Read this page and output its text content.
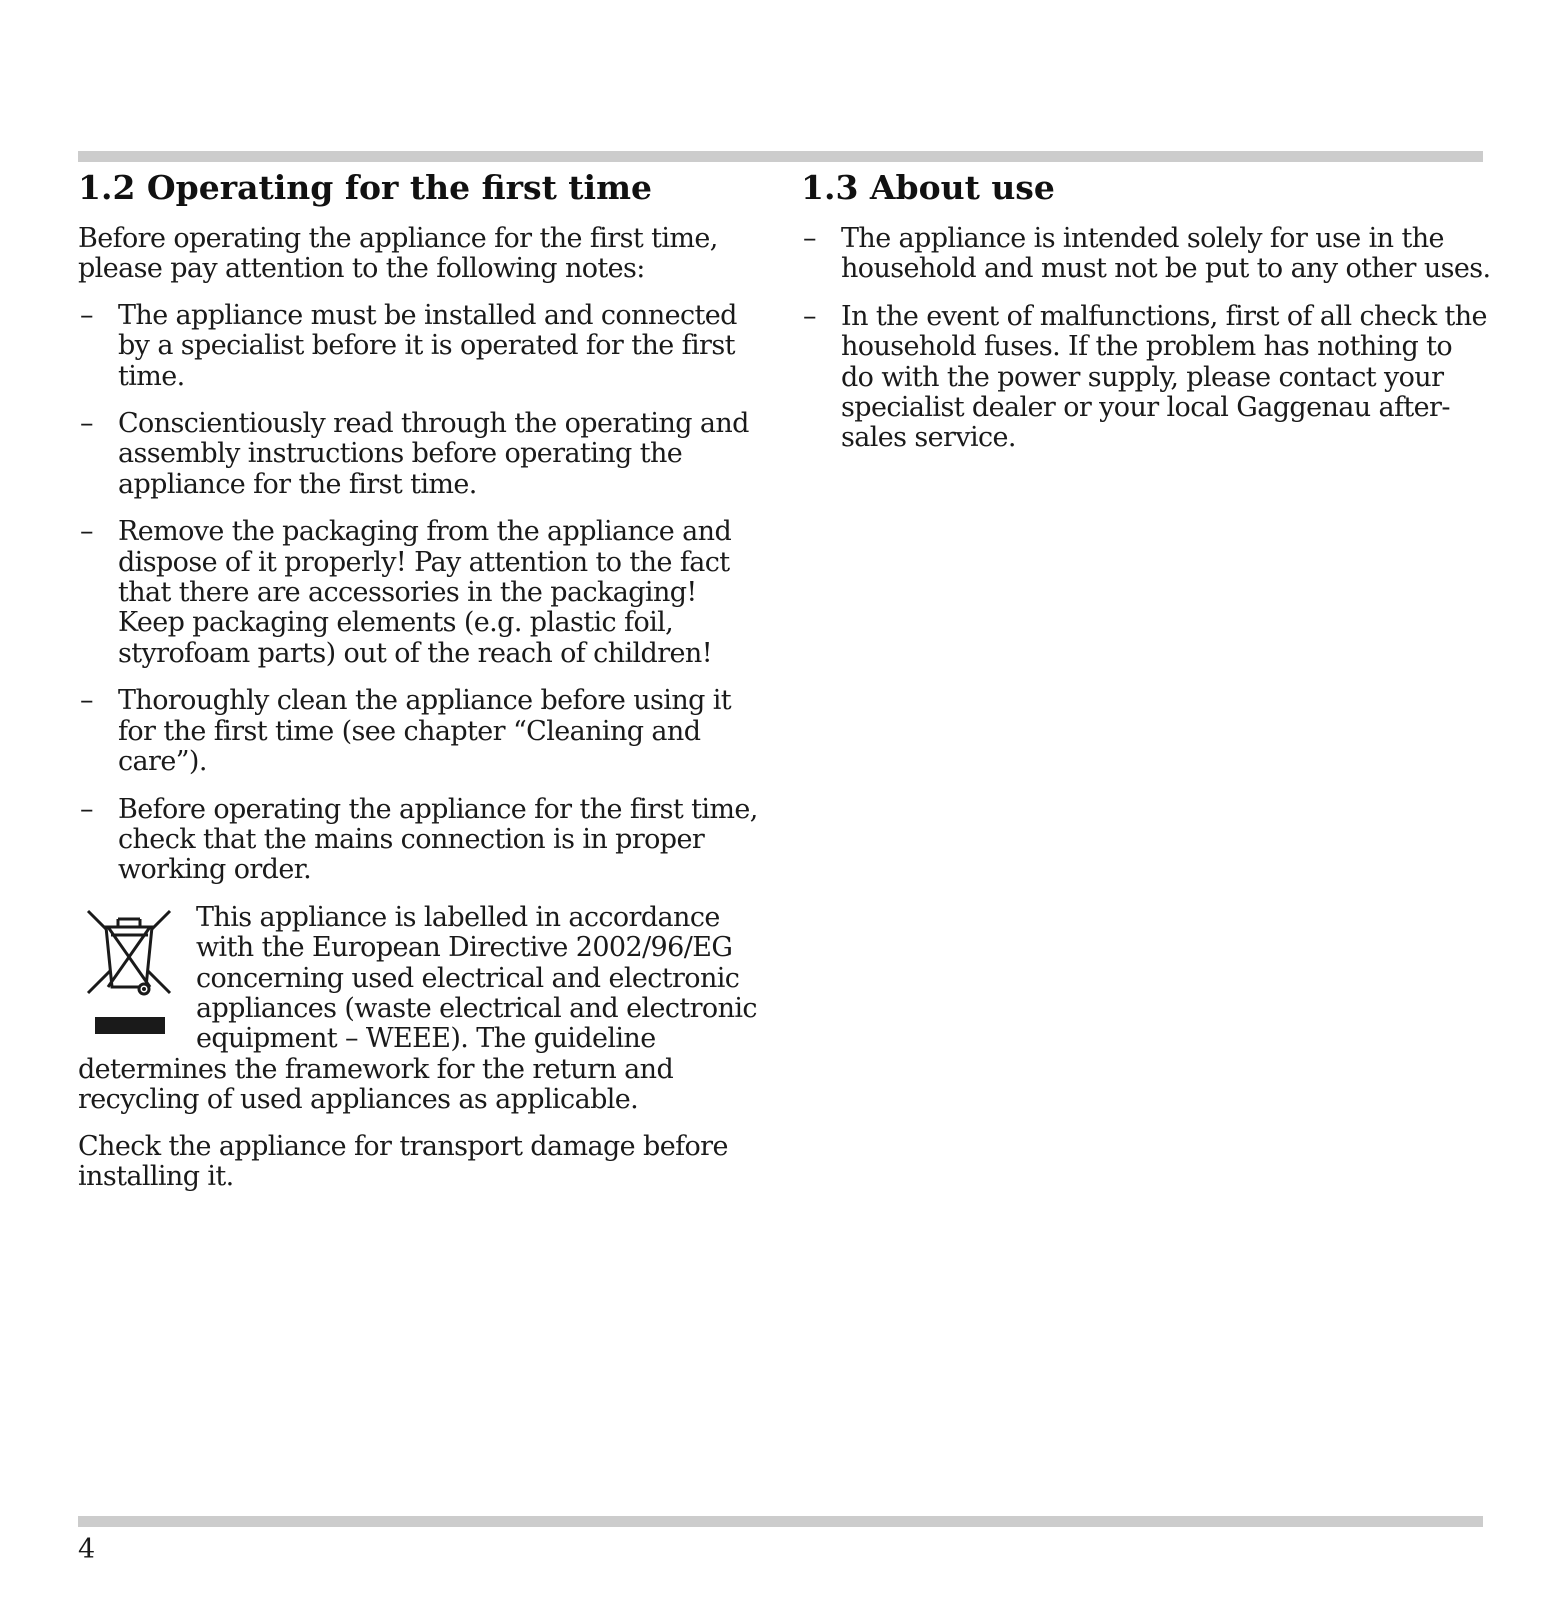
1.2 Operating for the first time

Before operating the appliance for the first time, please pay attention to the following notes:

– The appliance must be installed and connected by a specialist before it is operated for the first time.
– Conscientiously read through the operating and assembly instructions before operating the appliance for the first time.
– Remove the packaging from the appliance and dispose of it properly! Pay attention to the fact that there are accessories in the packaging! Keep packaging elements (e.g. plastic foil, styrofoam parts) out of the reach of children!
– Thoroughly clean the appliance before using it for the first time (see chapter “Cleaning and care”).
– Before operating the appliance for the first time, check that the mains connection is in proper working order.
This appliance is labelled in accordance with the European Directive 2002/96/EG concerning used electrical and electronic appliances (waste electrical and electronic equipment – WEEE). The guideline determines the framework for the return and recycling of used appliances as applicable.

Check the appliance for transport damage before installing it.

1.3 About use
– The appliance is intended solely for use in the household and must not be put to any other uses.
– In the event of malfunctions, first of all check the household fuses. If the problem has nothing to do with the power supply, please contact your specialist dealer or your local Gaggenau after-sales service.
4
